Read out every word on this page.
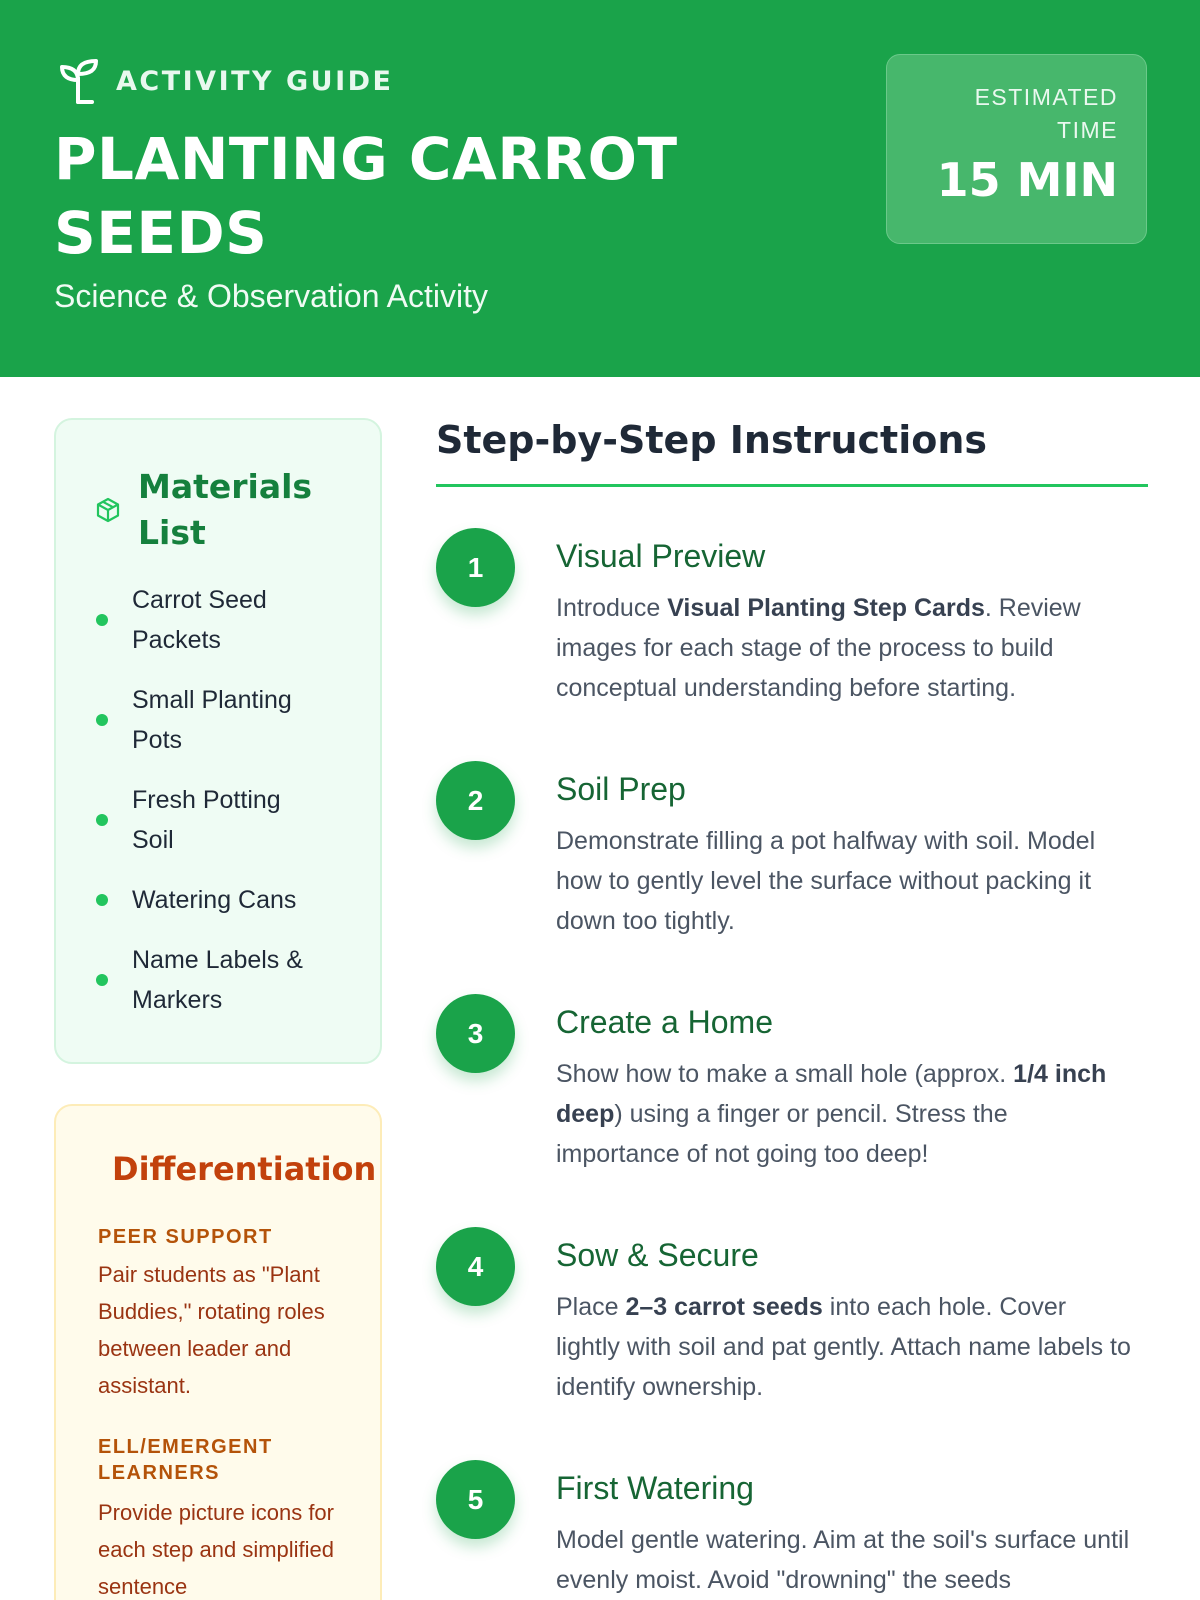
ACTIVITY GUIDE
PLANTING CARROT
SEEDS
Science & Observation Activity
ESTIMATED
TIME
15 MIN
Materials
List
Carrot Seed
Packets
Small Planting
Pots
Fresh Potting
Soil
Watering Cans
Name Labels &
Markers
Differentiation
PEER SUPPORT
Pair students as "Plant Buddies," rotating roles between leader and assistant.
ELL/EMERGENT LEARNERS
Provide picture icons for each step and simplified sentence
Step-by-Step Instructions
1	Visual Preview
Introduce Visual Planting Step Cards. Review images for each stage of the process to build conceptual understanding before starting.
2	Soil Prep
Demonstrate filling a pot halfway with soil. Model how to gently level the surface without packing it down too tightly.
3	Create a Home
Show how to make a small hole (approx. 1/4 inch deep) using a finger or pencil. Stress the importance of not going too deep!
4	Sow & Secure
Place 2–3 carrot seeds into each hole. Cover lightly with soil and pat gently. Attach name labels to identify ownership.
5	First Watering
Model gentle watering. Aim at the soil's surface until evenly moist. Avoid "drowning" the seeds
